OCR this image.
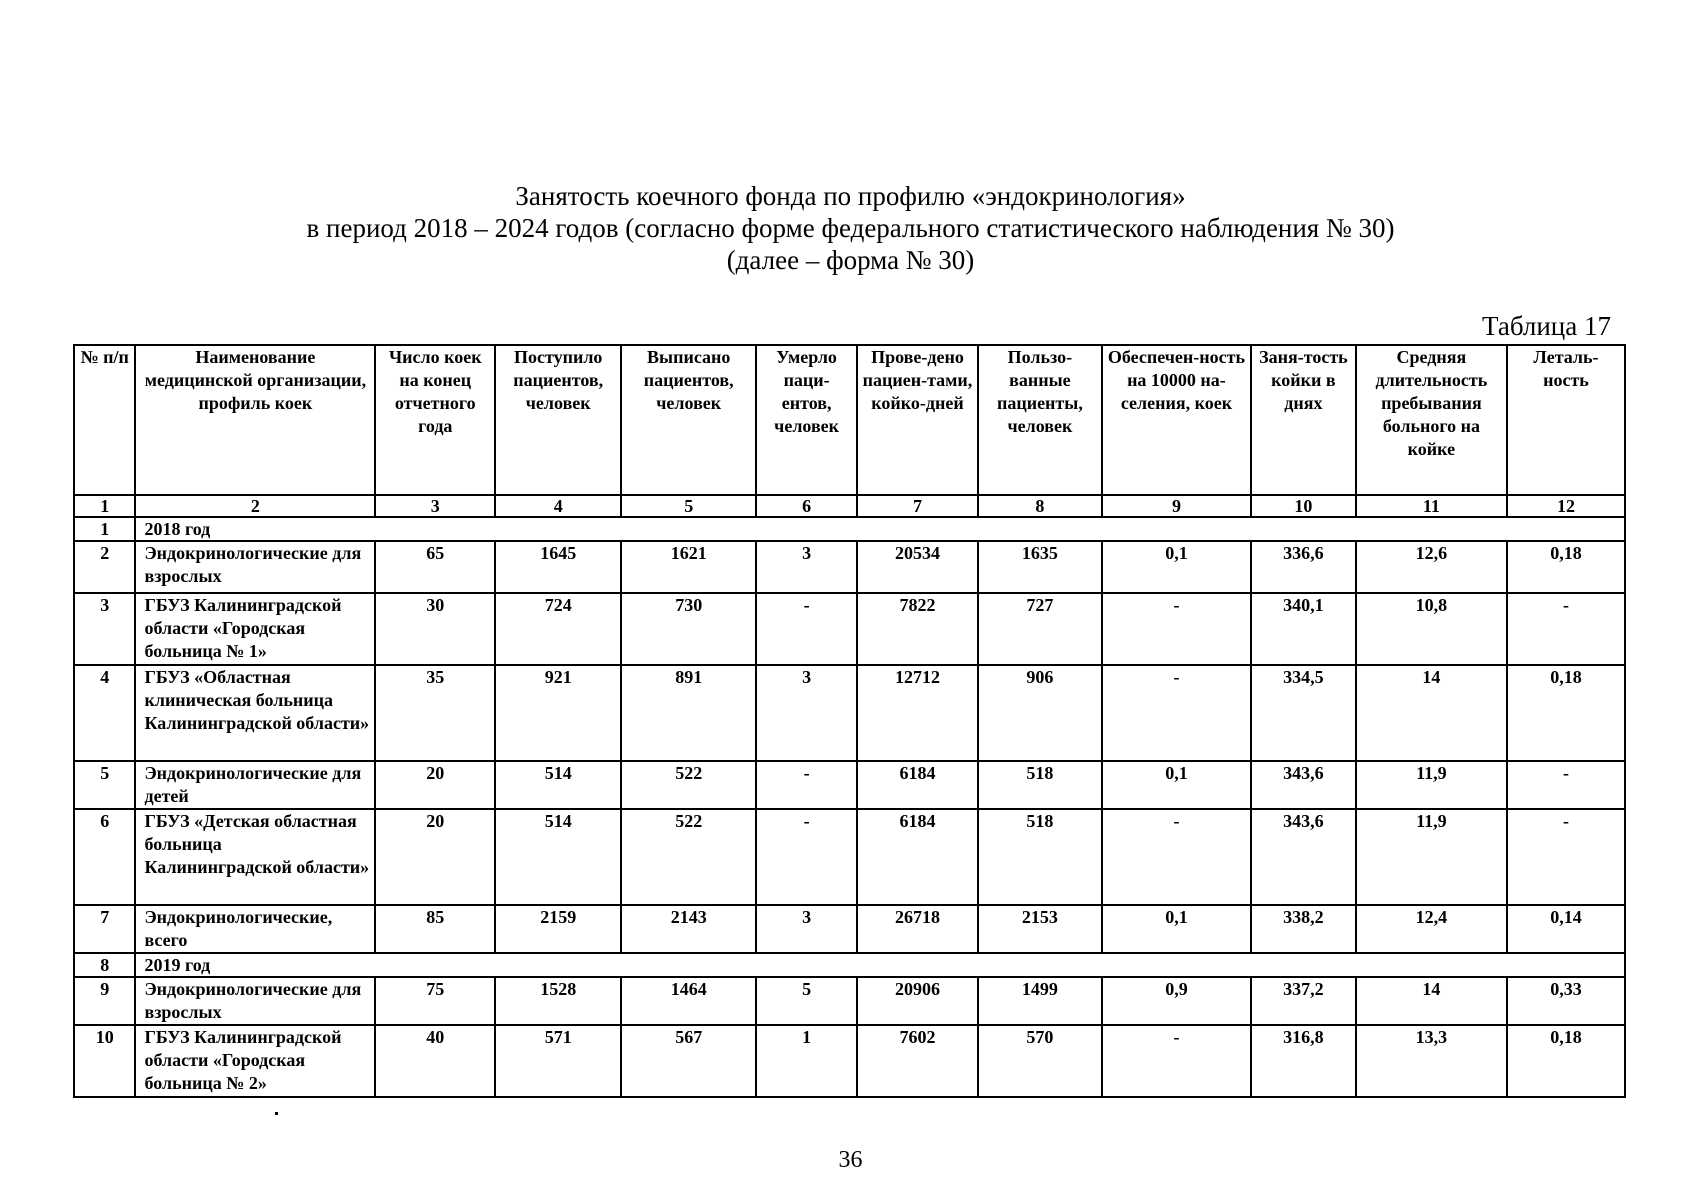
Занятость коечного фонда по профилю «эндокринология»
в период 2018 – 2024 годов (согласно форме федерального статистического наблюдения № 30)
(далее – форма № 30)
Таблица 17
№ п/п	Наименование медицинской организации, профиль коек	Число коек на конец отчетного года	Поступило пациентов, человек	Выписано пациентов, человек	Умерло паци-ентов, человек	Прове-дено пациен-тами, койко-дней	Пользо-ванные пациенты, человек	Обеспечен-ность на 10000 на-селения, коек	Заня-тость койки в днях	Средняя длительность пребывания больного на койке	Леталь-ность
1	2	3	4	5	6	7	8	9	10	11	12
1	2018 год										
2	Эндокринологические для взрослых	65	1645	1621	3	20534	1635	0,1	336,6	12,6	0,18
3	ГБУЗ Калининградской области «Городская больница № 1»	30	724	730	-	7822	727	-	340,1	10,8	-
4	ГБУЗ «Областная клиническая больница Калининградской области»	35	921	891	3	12712	906	-	334,5	14	0,18
5	Эндокринологические для детей	20	514	522	-	6184	518	0,1	343,6	11,9	-
6	ГБУЗ «Детская областная больница Калининградской области»	20	514	522	-	6184	518	-	343,6	11,9	-
7	Эндокринологические, всего	85	2159	2143	3	26718	2153	0,1	338,2	12,4	0,14
8	2019 год										
9	Эндокринологические для взрослых	75	1528	1464	5	20906	1499	0,9	337,2	14	0,33
10	ГБУЗ Калининградской области «Городская больница № 2»	40	571	567	1	7602	570	-	316,8	13,3	0,18
36
